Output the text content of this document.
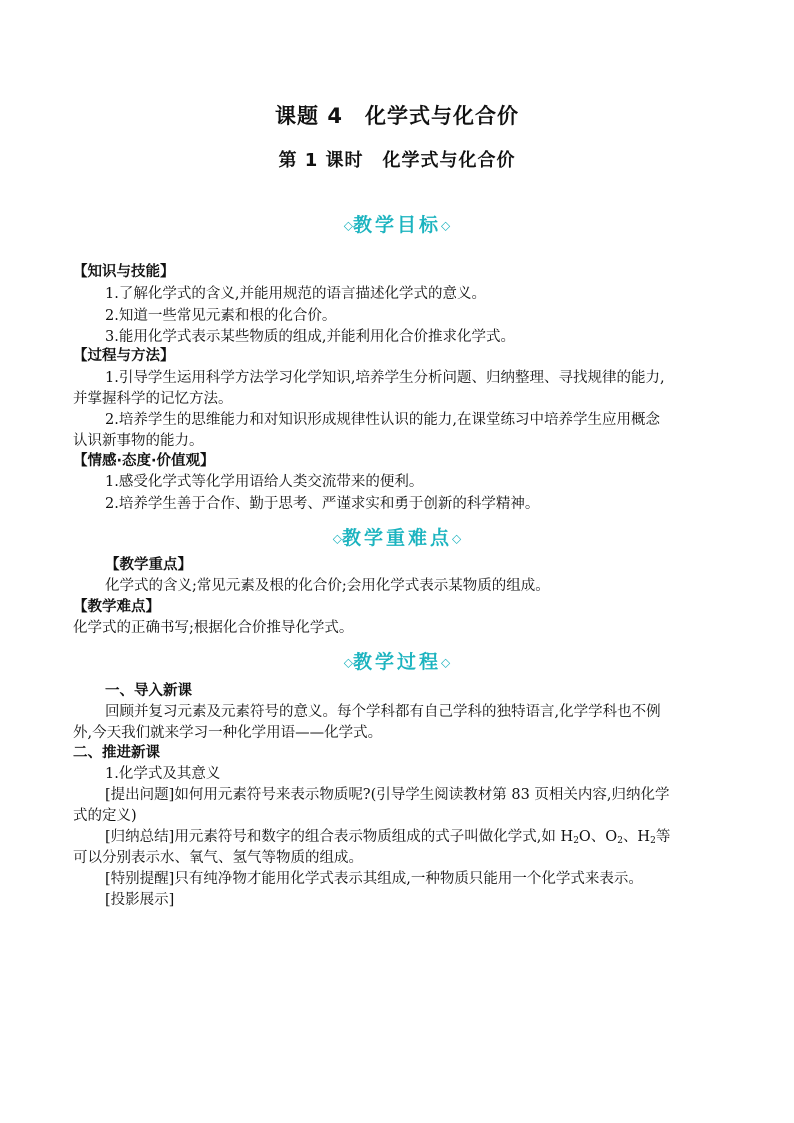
课题 4　化学式与化合价
第 1 课时　化学式与化合价
◇教学目标◇
【知识与技能】
1.了解化学式的含义,并能用规范的语言描述化学式的意义。
2.知道一些常见元素和根的化合价。
3.能用化学式表示某些物质的组成,并能利用化合价推求化学式。
【过程与方法】
1.引导学生运用科学方法学习化学知识,培养学生分析问题、归纳整理、寻找规律的能力,
并掌握科学的记忆方法。
2.培养学生的思维能力和对知识形成规律性认识的能力,在课堂练习中培养学生应用概念
认识新事物的能力。
【情感·态度·价值观】
1.感受化学式等化学用语给人类交流带来的便利。
2.培养学生善于合作、勤于思考、严谨求实和勇于创新的科学精神。
◇教学重难点◇
【教学重点】
化学式的含义;常见元素及根的化合价;会用化学式表示某物质的组成。
【教学难点】
化学式的正确书写;根据化合价推导化学式。
◇教学过程◇
一、导入新课
回顾并复习元素及元素符号的意义。每个学科都有自己学科的独特语言,化学学科也不例
外,今天我们就来学习一种化学用语——化学式。
二、推进新课
1.化学式及其意义
[提出问题]如何用元素符号来表示物质呢?(引导学生阅读教材第 83 页相关内容,归纳化学
式的定义)
[归纳总结]用元素符号和数字的组合表示物质组成的式子叫做化学式,如 $H_2O$、$O_2$、$H_2$等
可以分别表示水、氧气、氢气等物质的组成。
[特别提醒]只有纯净物才能用化学式表示其组成,一种物质只能用一个化学式来表示。
[投影展示]
